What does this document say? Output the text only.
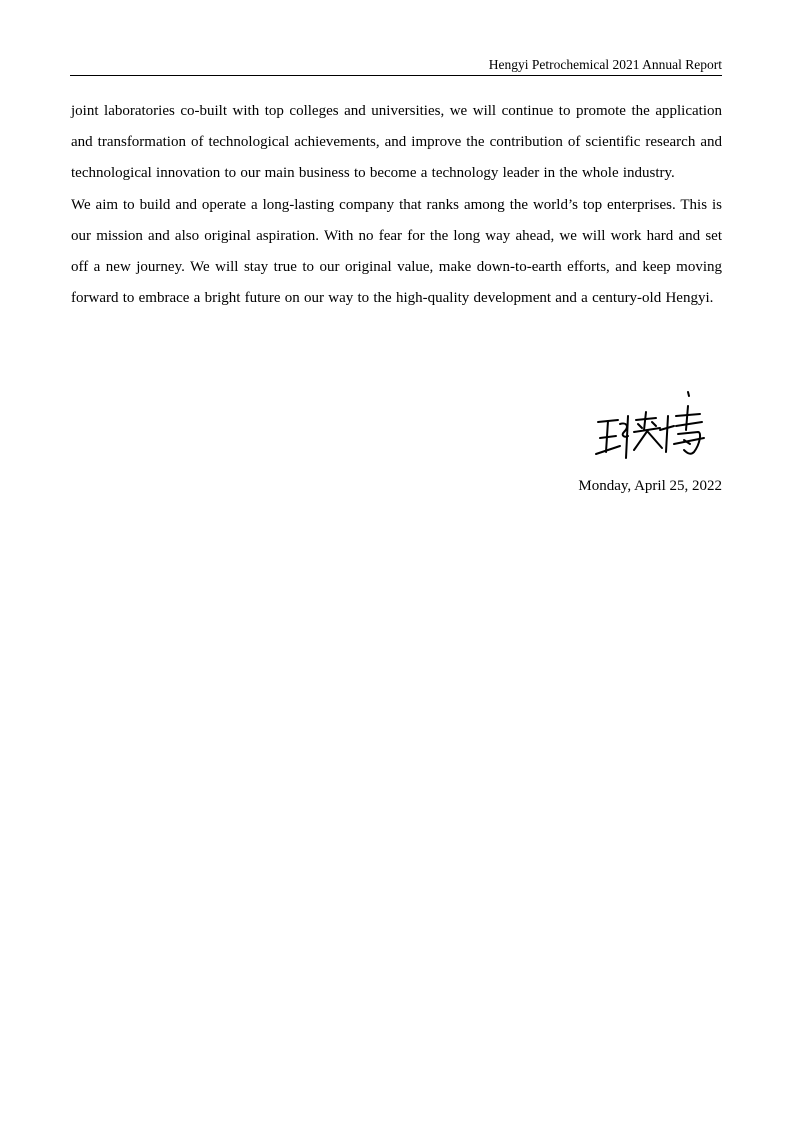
Hengyi Petrochemical 2021 Annual Report

joint laboratories co-built with top colleges and universities, we will continue to promote the application and transformation of technological achievements, and improve the contribution of scientific research and technological innovation to our main business to become a technology leader in the whole industry.

We aim to build and operate a long-lasting company that ranks among the world’s top enterprises. This is our mission and also original aspiration. With no fear for the long way ahead, we will work hard and set off a new journey. We will stay true to our original value, make down-to-earth efforts, and keep moving forward to embrace a bright future on our way to the high-quality development and a century-old Hengyi.

Monday, April 25, 2022
